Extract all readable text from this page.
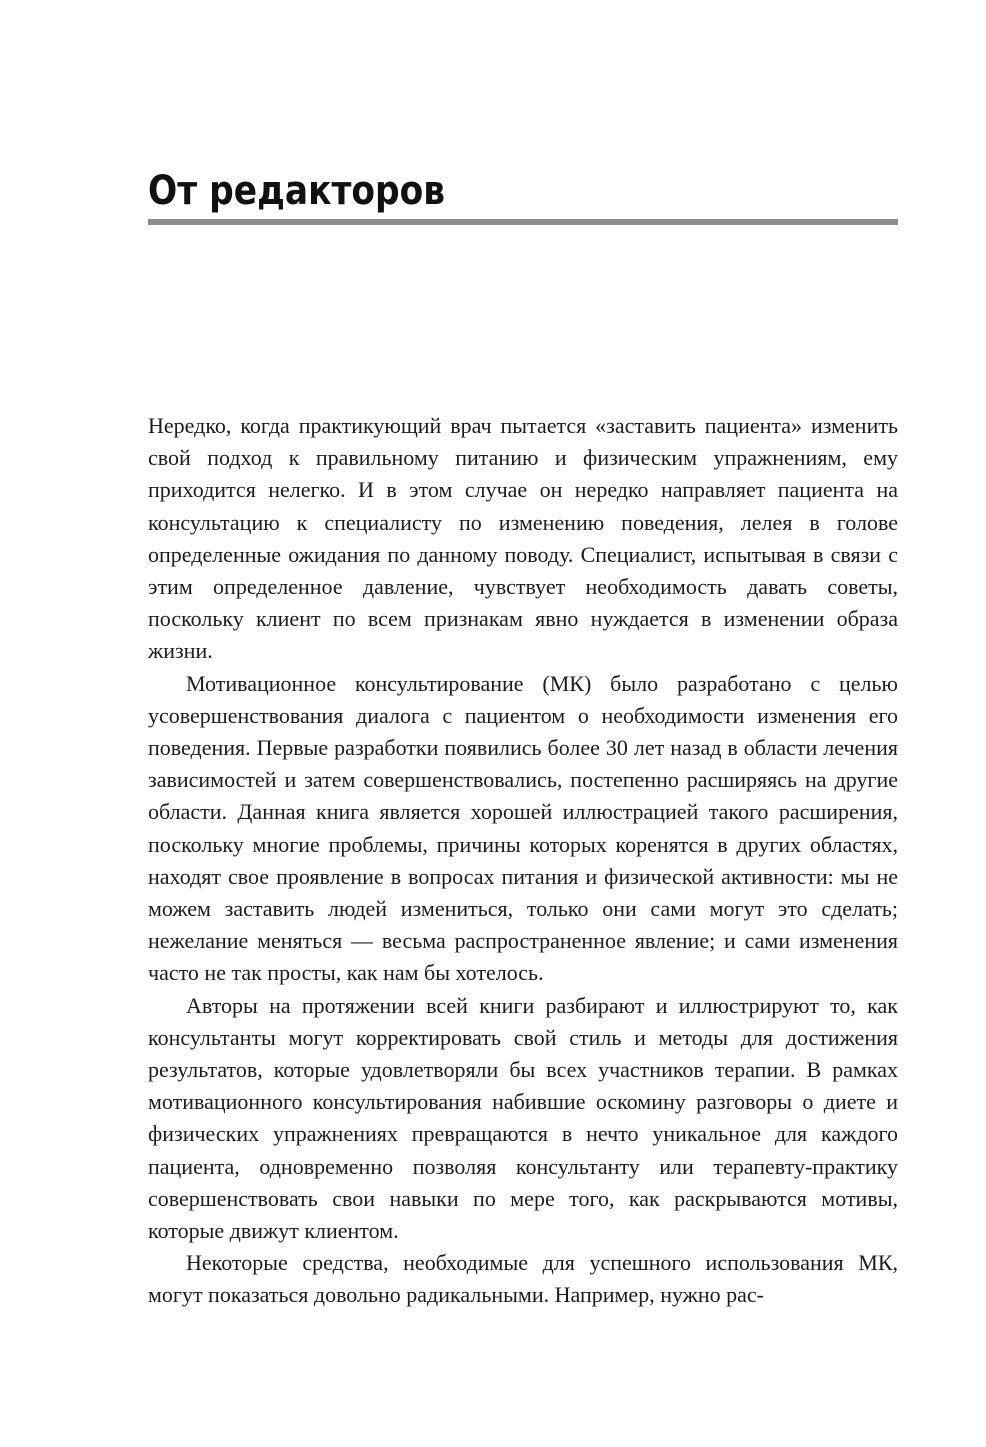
От редакторов

Нередко, когда практикующий врач пытается «заставить пациента» изменить свой подход к правильному питанию и физическим упражнениям, ему приходится нелегко. И в этом случае он нередко направляет пациента на консультацию к специалисту по изменению поведения, лелея в голове определенные ожидания по данному поводу. Специалист, испытывая в связи с этим определенное давление, чувствует необходимость давать советы, поскольку клиент по всем признакам явно нуждается в изменении образа жизни.

Мотивационное консультирование (МК) было разработано с целью усовершенствования диалога с пациентом о необходимости изменения его поведения. Первые разработки появились более 30 лет назад в области лечения зависимостей и затем совершенствовались, постепенно расширяясь на другие области. Данная книга является хорошей иллюстрацией такого расширения, поскольку многие проблемы, причины которых коренятся в других областях, находят свое проявление в вопросах питания и физической активности: мы не можем заставить людей измениться, только они сами могут это сделать; нежелание меняться — весьма распространенное явление; и сами изменения часто не так просты, как нам бы хотелось.

Авторы на протяжении всей книги разбирают и иллюстрируют то, как консультанты могут корректировать свой стиль и методы для достижения результатов, которые удовлетворяли бы всех участников терапии. В рамках мотивационного консультирования набившие оскомину разговоры о диете и физических упражнениях превращаются в нечто уникальное для каждого пациента, одновременно позволяя консультанту или терапевту-практику совершенствовать свои навыки по мере того, как раскрываются мотивы, которые движут клиентом.

Некоторые средства, необходимые для успешного использования МК, могут показаться довольно радикальными. Например, нужно рас-
